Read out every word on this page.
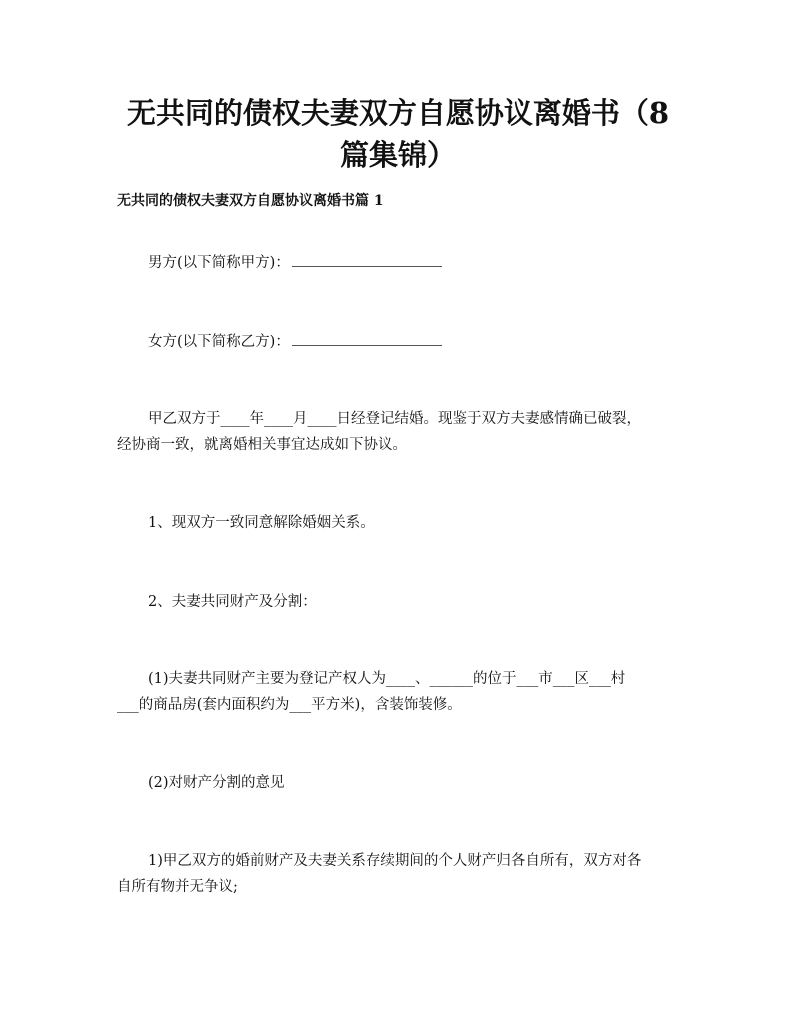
无共同的债权夫妻双方自愿协议离婚书（8
篇集锦）
无共同的债权夫妻双方自愿协议离婚书篇 1

男方(以下简称甲方)：

女方(以下简称乙方)：

甲乙双方于____年____月____日经登记结婚。现鉴于双方夫妻感情确已破裂，

经协商一致，就离婚相关事宜达成如下协议。

1、现双方一致同意解除婚姻关系。

2、夫妻共同财产及分割：

(1)夫妻共同财产主要为登记产权人为____、______的位于___市___区___村

___的商品房(套内面积约为___平方米)，含装饰装修。

(2)对财产分割的意见

1)甲乙双方的婚前财产及夫妻关系存续期间的个人财产归各自所有，双方对各

自所有物并无争议;
